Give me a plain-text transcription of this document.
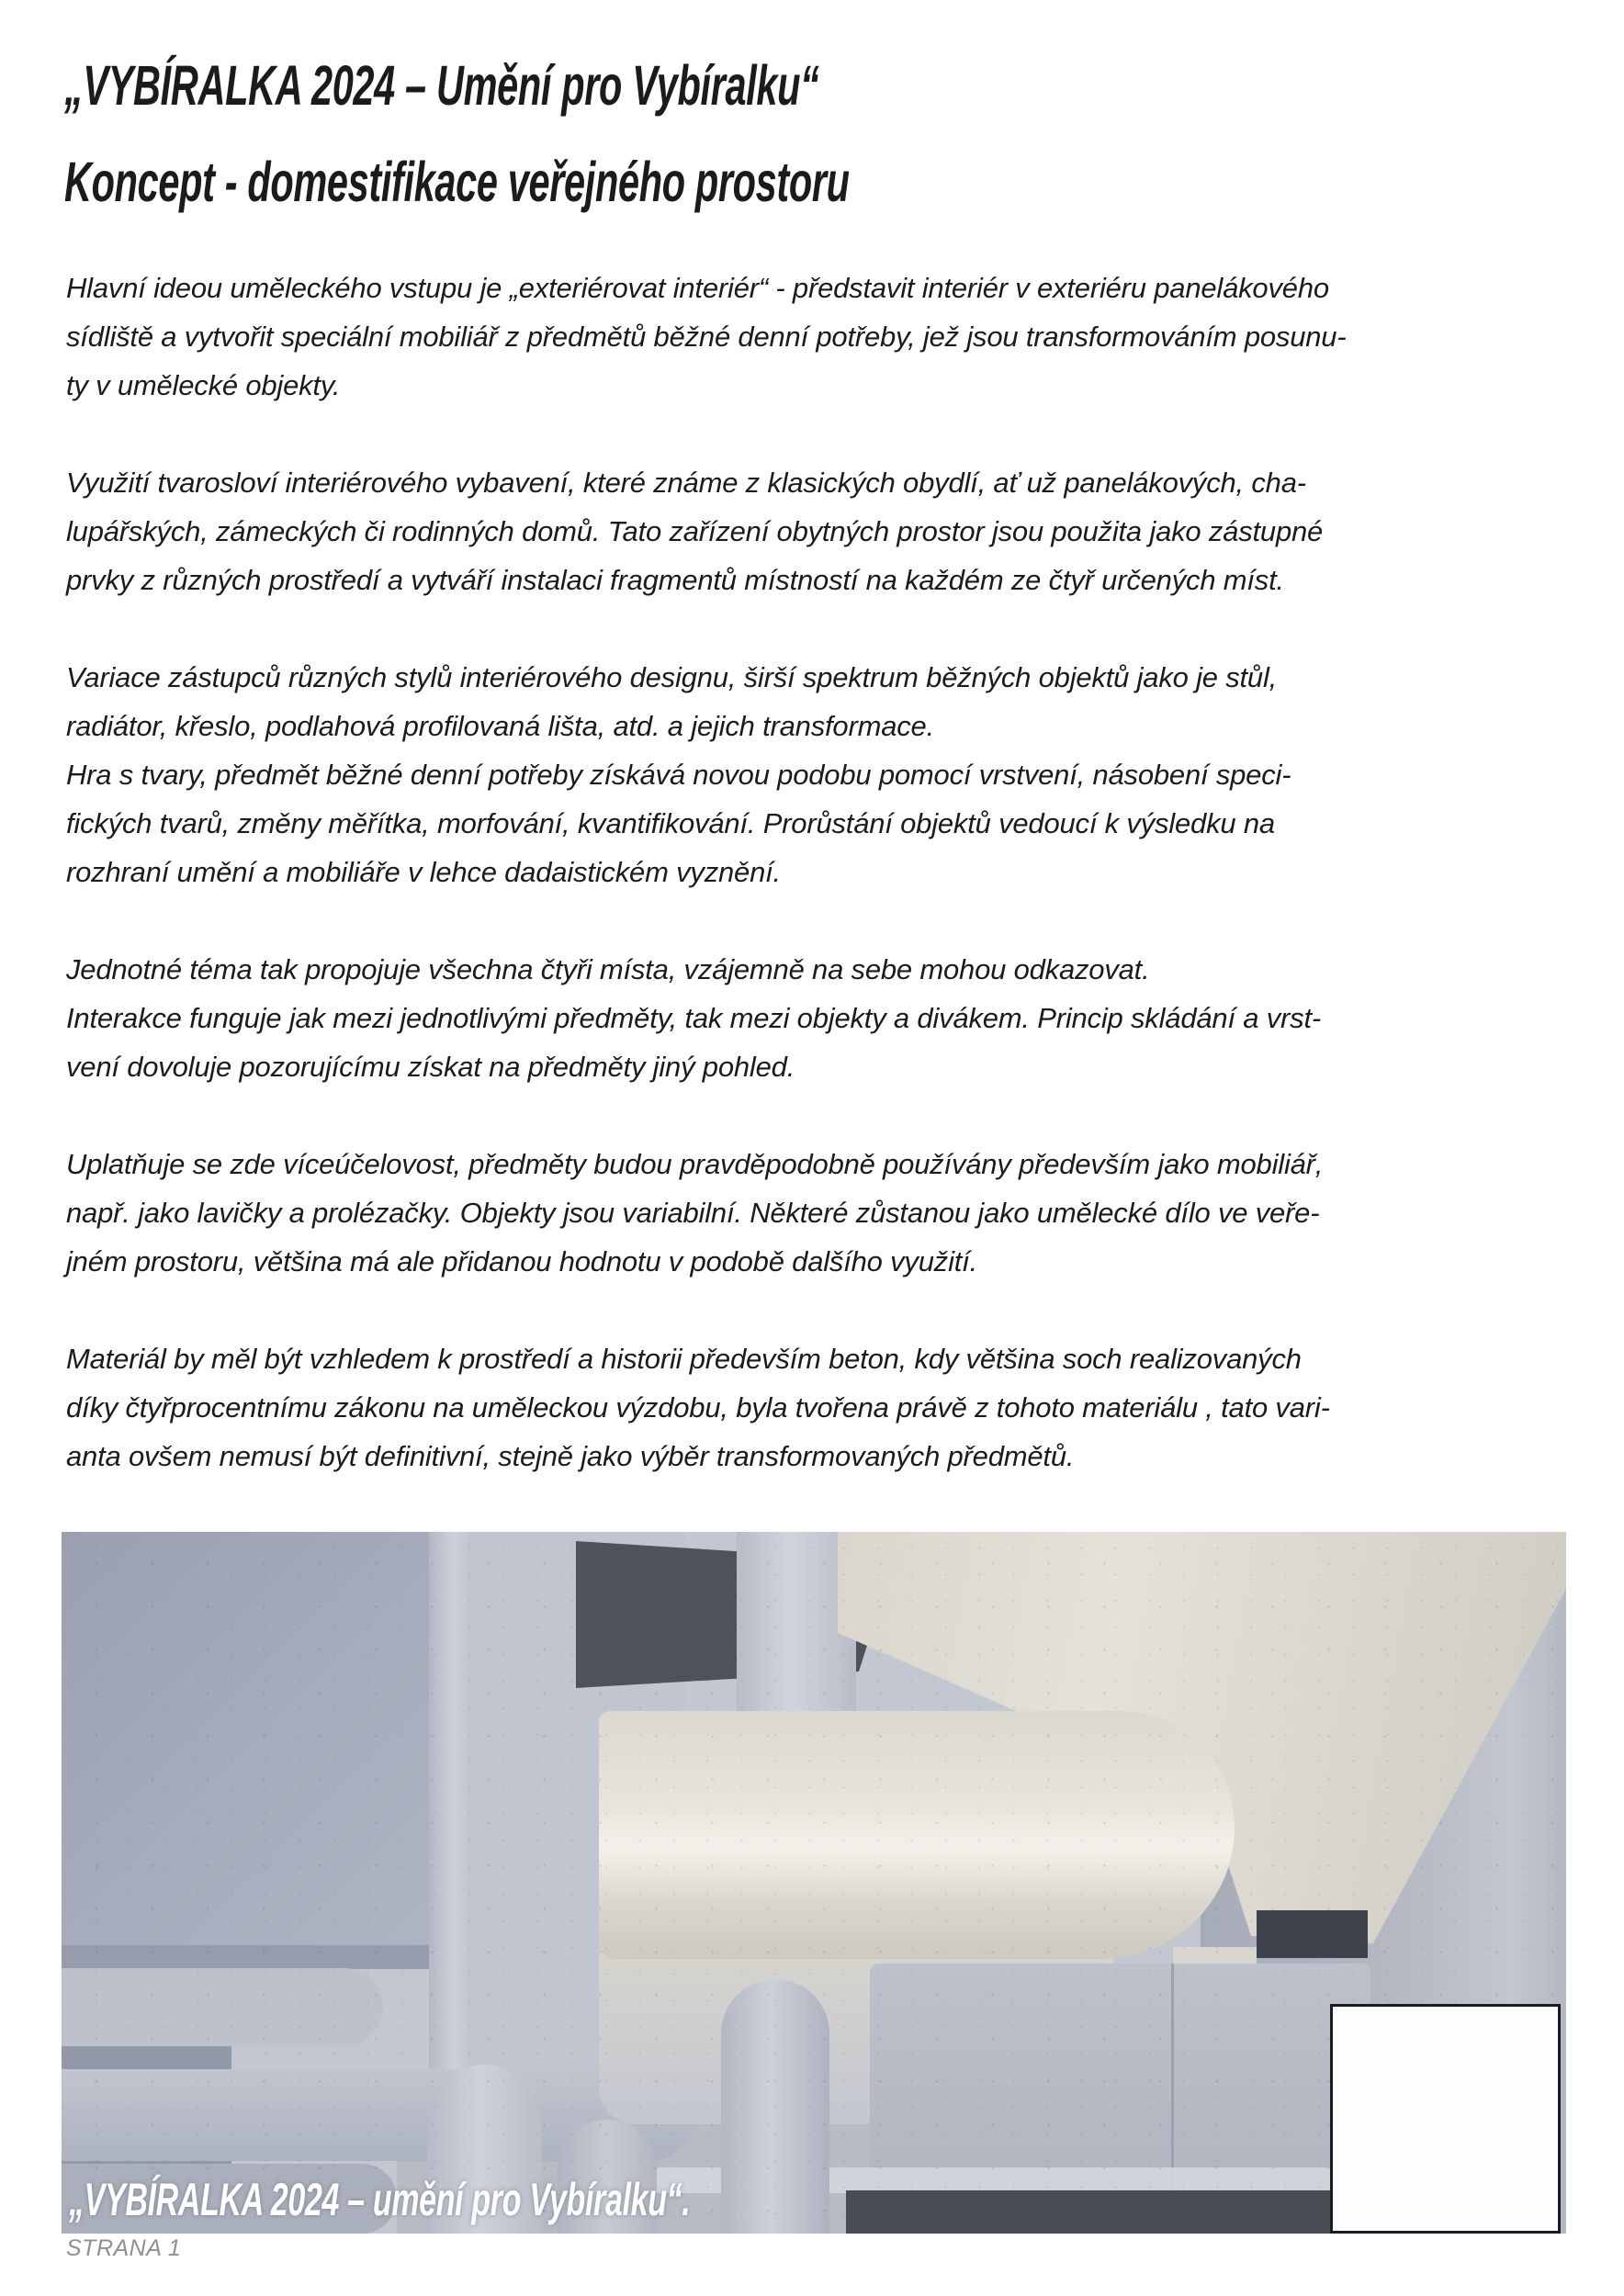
„VYBÍRALKA 2024 – Umění pro Vybíralku“
Koncept - domestifikace veřejného prostoru
Hlavní ideou uměleckého vstupu je „exteriérovat interiér“ - představit interiér v exteriéru panelákového
sídliště a vytvořit speciální mobiliář z předmětů běžné denní potřeby, jež jsou transformováním posunu-
ty v umělecké objekty.
Využití tvarosloví interiérového vybavení, které známe z klasických obydlí, ať už panelákových, cha-
lupářských, zámeckých či rodinných domů. Tato zařízení obytných prostor jsou použita jako zástupné
prvky z různých prostředí a vytváří instalaci fragmentů místností na každém ze čtyř určených míst.
Variace zástupců různých stylů interiérového designu, širší spektrum běžných objektů jako je stůl,
radiátor, křeslo, podlahová profilovaná lišta, atd. a jejich transformace.
Hra s tvary, předmět běžné denní potřeby získává novou podobu pomocí vrstvení, násobení speci-
fických tvarů, změny měřítka, morfování, kvantifikování. Prorůstání objektů vedoucí k výsledku na
rozhraní umění a mobiliáře v lehce dadaistickém vyznění.
Jednotné téma tak propojuje všechna čtyři místa, vzájemně na sebe mohou odkazovat.
Interakce funguje jak mezi jednotlivými předměty, tak mezi objekty a divákem. Princip skládání a vrst-
vení dovoluje pozorujícímu získat na předměty jiný pohled.
Uplatňuje se zde víceúčelovost, předměty budou pravděpodobně používány především jako mobiliář,
např. jako lavičky a prolézačky. Objekty jsou variabilní. Některé zůstanou jako umělecké dílo ve veře-
jném prostoru, většina má ale přidanou hodnotu v podobě dalšího využití.
Materiál by měl být vzhledem k prostředí a historii především beton, kdy většina soch realizovaných
díky čtyřprocentnímu zákonu na uměleckou výzdobu, byla tvořena právě z tohoto materiálu , tato vari-
anta ovšem nemusí být definitivní, stejně jako výběr transformovaných předmětů.
„VYBÍRALKA 2024 – umění pro Vybíralku“.
STRANA 1
